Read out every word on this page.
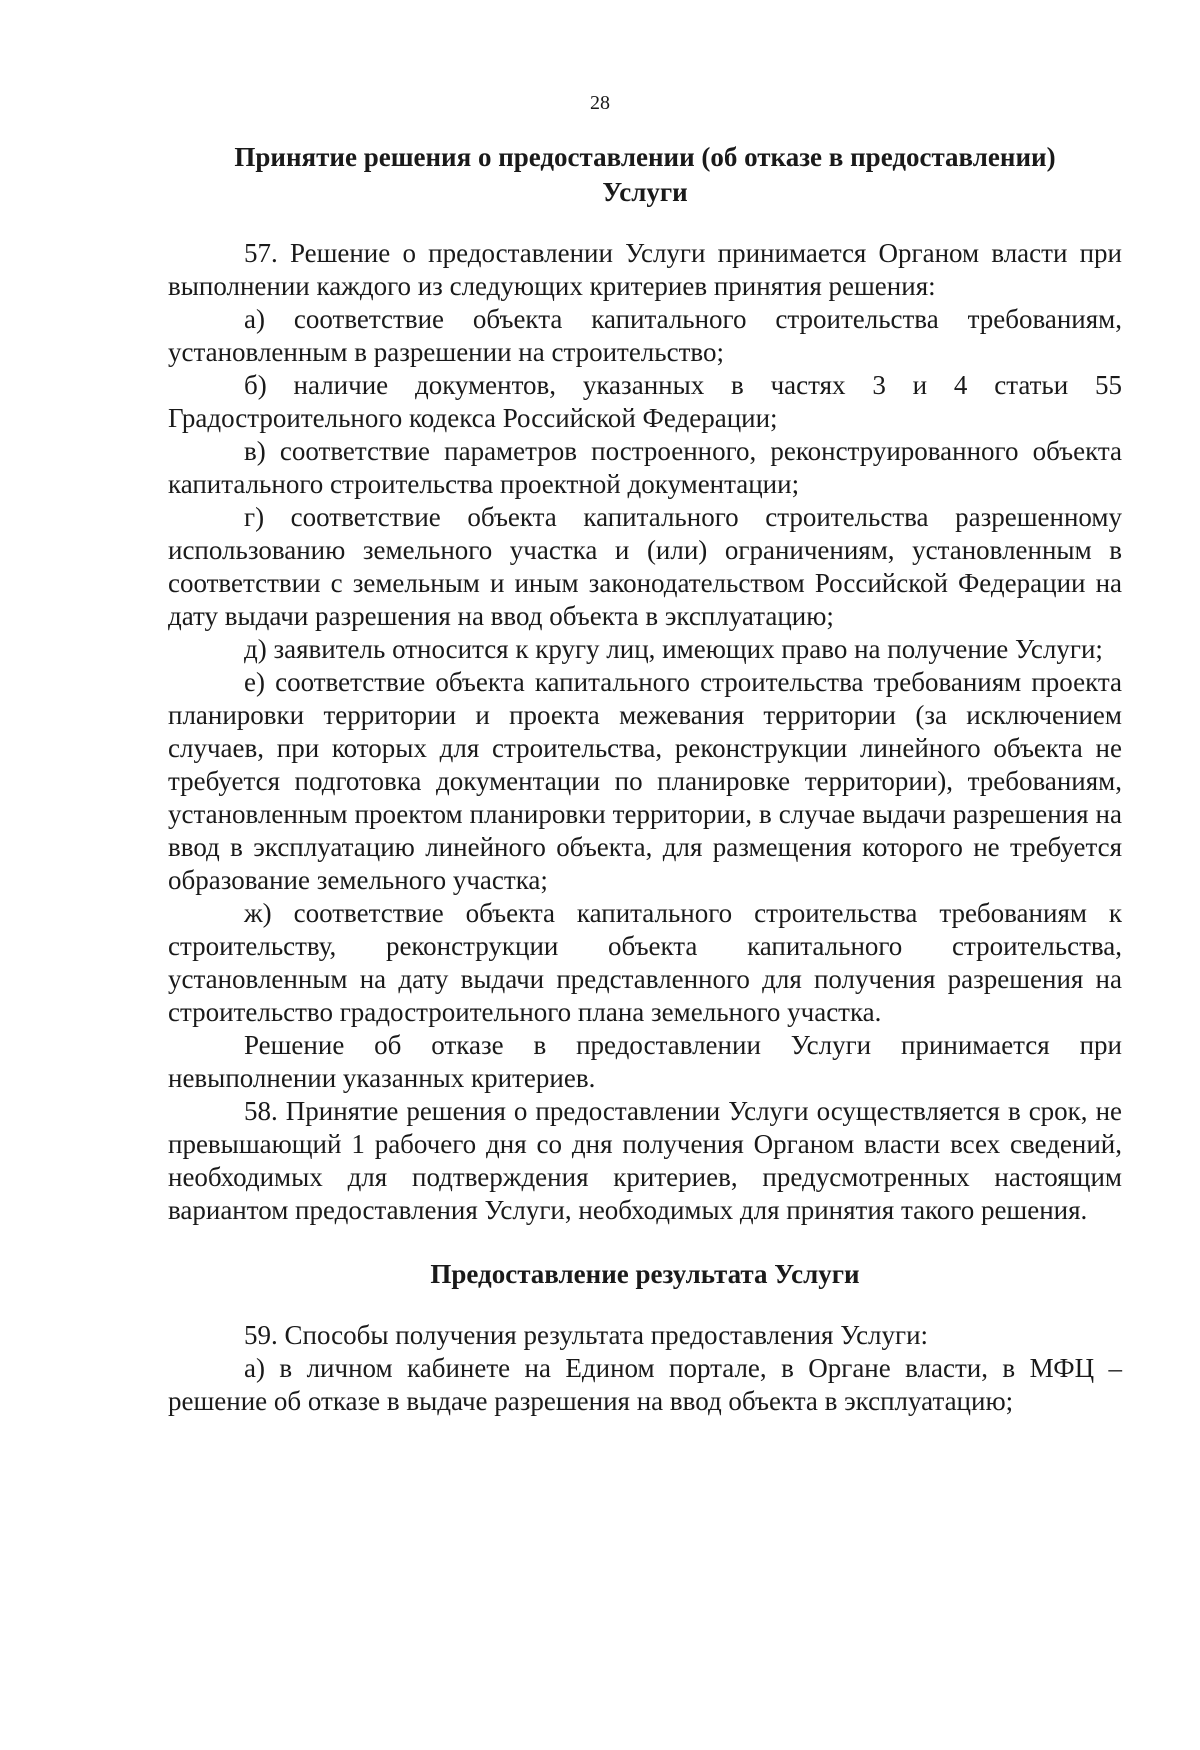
28
Принятие решения о предоставлении (об отказе в предоставлении)
Услуги

57. Решение о предоставлении Услуги принимается Органом власти при выполнении каждого из следующих критериев принятия решения:

а) соответствие объекта капитального строительства требованиям, установленным в разрешении на строительство;

б) наличие документов, указанных в частях 3 и 4 статьи 55 Градостроительного кодекса Российской Федерации;

в) соответствие параметров построенного, реконструированного объекта капитального строительства проектной документации;

г) соответствие объекта капитального строительства разрешенному использованию земельного участка и (или) ограничениям, установленным в соответствии с земельным и иным законодательством Российской Федерации на дату выдачи разрешения на ввод объекта в эксплуатацию;

д) заявитель относится к кругу лиц, имеющих право на получение Услуги;

е) соответствие объекта капитального строительства требованиям проекта планировки территории и проекта межевания территории (за исключением случаев, при которых для строительства, реконструкции линейного объекта не требуется подготовка документации по планировке территории), требованиям, установленным проектом планировки территории, в случае выдачи разрешения на ввод в эксплуатацию линейного объекта, для размещения которого не требуется образование земельного участка;

ж) соответствие объекта капитального строительства требованиям к строительству, реконструкции объекта капитального строительства, установленным на дату выдачи представленного для получения разрешения на строительство градостроительного плана земельного участка.

Решение об отказе в предоставлении Услуги принимается при невыполнении указанных критериев.

58. Принятие решения о предоставлении Услуги осуществляется в срок, не превышающий 1 рабочего дня со дня получения Органом власти всех сведений, необходимых для подтверждения критериев, предусмотренных настоящим вариантом предоставления Услуги, необходимых для принятия такого решения.

Предоставление результата Услуги

59. Способы получения результата предоставления Услуги:

а) в личном кабинете на Едином портале, в Органе власти, в МФЦ – решение об отказе в выдаче разрешения на ввод объекта в эксплуатацию;
